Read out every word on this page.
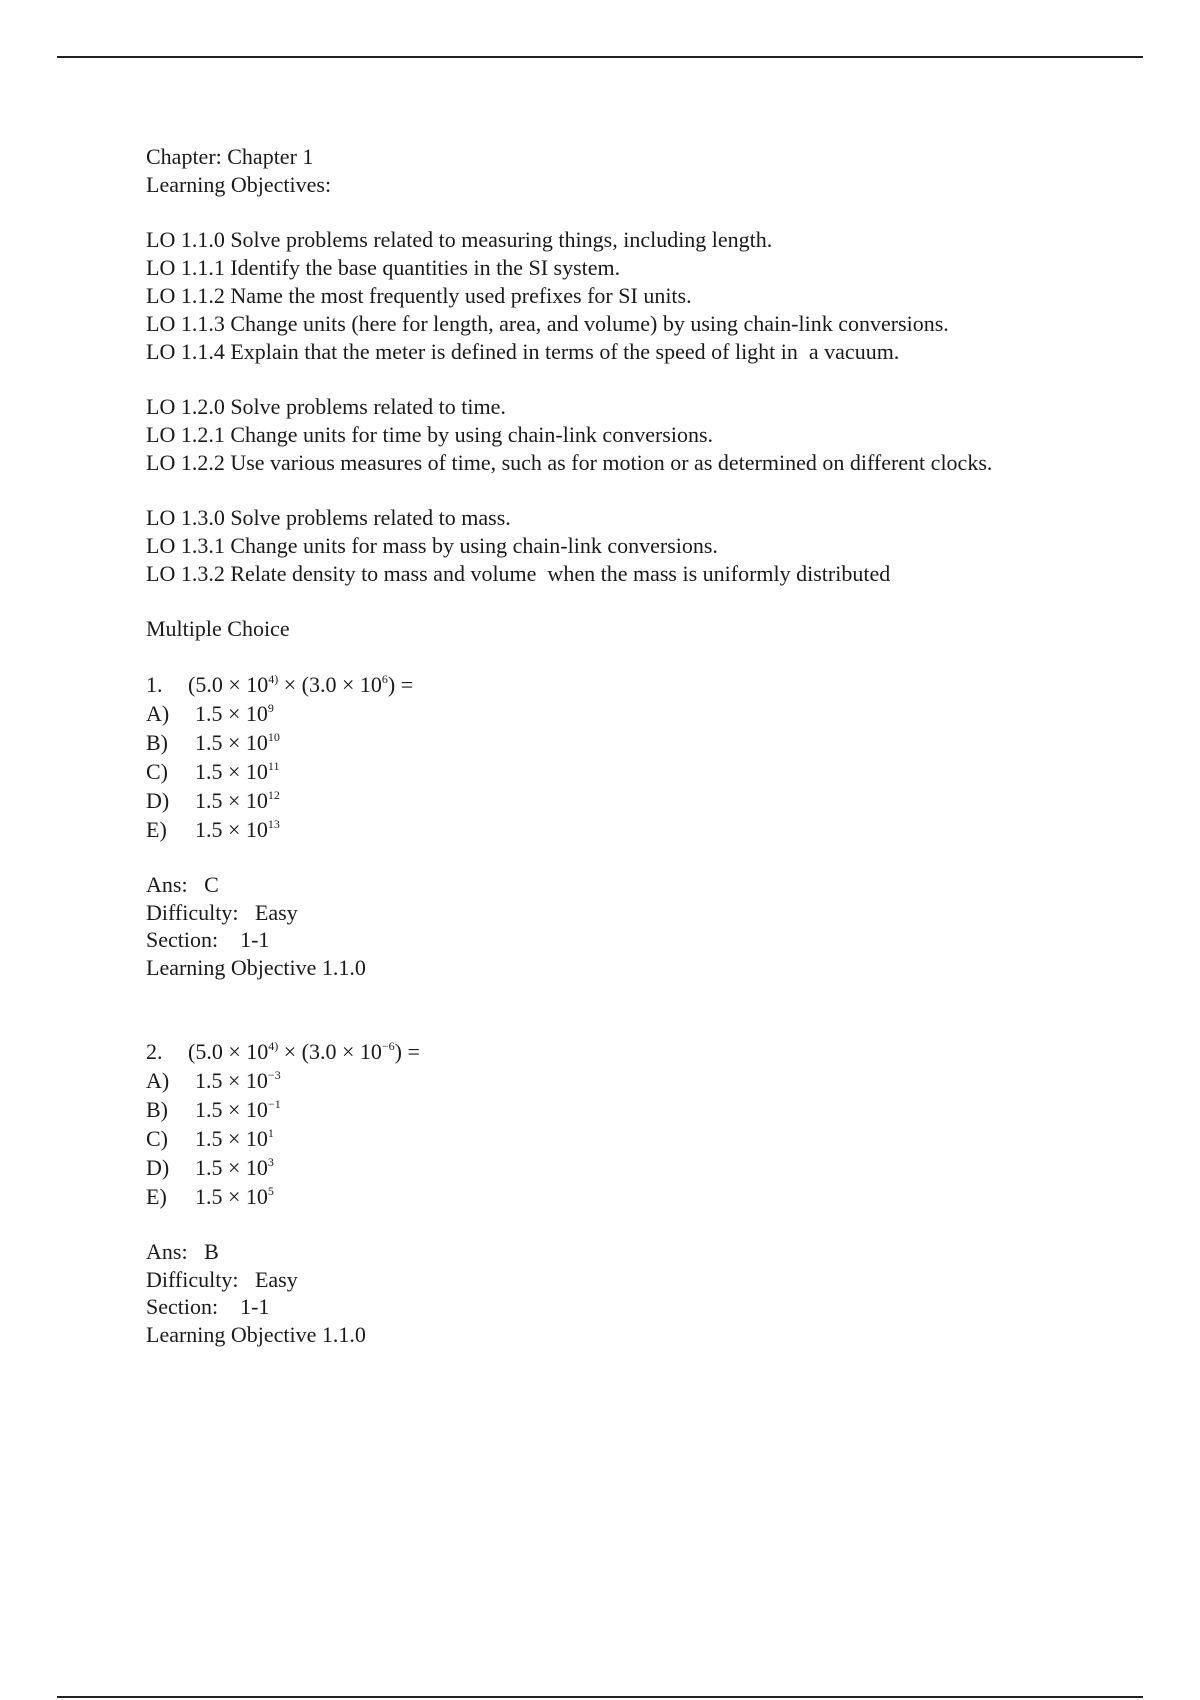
Chapter: Chapter 1
Learning Objectives:
LO 1.1.0 Solve problems related to measuring things, including length.
LO 1.1.1 Identify the base quantities in the SI system.
LO 1.1.2 Name the most frequently used prefixes for SI units.
LO 1.1.3 Change units (here for length, area, and volume) by using chain-link conversions.
LO 1.1.4 Explain that the meter is defined in terms of the speed of light in  a vacuum.
LO 1.2.0 Solve problems related to time.
LO 1.2.1 Change units for time by using chain-link conversions.
LO 1.2.2 Use various measures of time, such as for motion or as determined on different clocks.
LO 1.3.0 Solve problems related to mass.
LO 1.3.1 Change units for mass by using chain-link conversions.
LO 1.3.2 Relate density to mass and volume  when the mass is uniformly distributed
Multiple Choice
1. ($5.0 \times 10^{4)} \times (3.0 \times 10^6)$ =
A) $1.5 \times 10^9$
B) $1.5 \times 10^{10}$
C) $1.5 \times 10^{11}$
D) $1.5 \times 10^{12}$
E) $1.5 \times 10^{13}$
Ans: C
Difficulty: Easy
Section: 1-1
Learning Objective 1.1.0
2. ($5.0 \times 10^{4)} \times (3.0 \times 10^{-6})$ =
A) $1.5 \times 10^{-3}$
B) $1.5 \times 10^{-1}$
C) $1.5 \times 10^1$
D) $1.5 \times 10^3$
E) $1.5 \times 10^5$
Ans: B
Difficulty: Easy
Section: 1-1
Learning Objective 1.1.0
